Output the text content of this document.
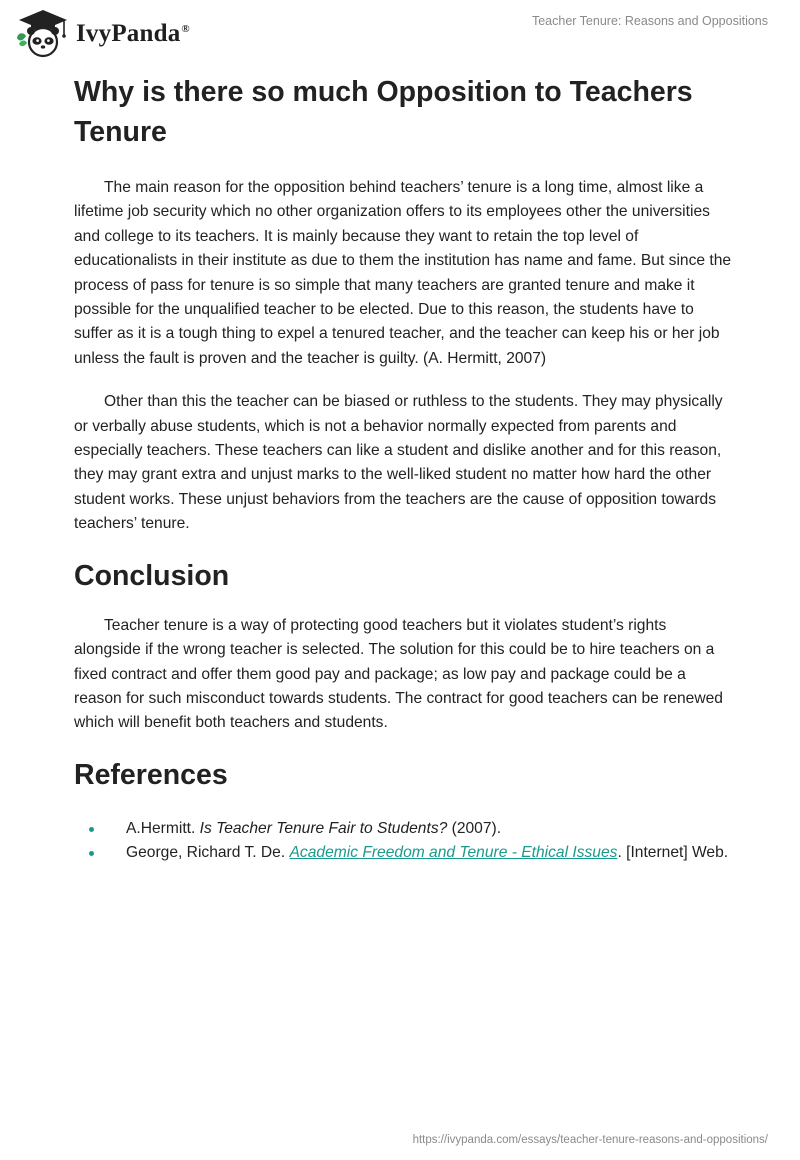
IvyPanda®
Teacher Tenure: Reasons and Oppositions
Why is there so much Opposition to Teachers Tenure

The main reason for the opposition behind teachers’ tenure is a long time, almost like a lifetime job security which no other organization offers to its employees other the universities and college to its teachers. It is mainly because they want to retain the top level of educationalists in their institute as due to them the institution has name and fame. But since the process of pass for tenure is so simple that many teachers are granted tenure and make it possible for the unqualified teacher to be elected. Due to this reason, the students have to suffer as it is a tough thing to expel a tenured teacher, and the teacher can keep his or her job unless the fault is proven and the teacher is guilty. (A. Hermitt, 2007)

Other than this the teacher can be biased or ruthless to the students. They may physically or verbally abuse students, which is not a behavior normally expected from parents and especially teachers. These teachers can like a student and dislike another and for this reason, they may grant extra and unjust marks to the well-liked student no matter how hard the other student works. These unjust behaviors from the teachers are the cause of opposition towards teachers’ tenure.

Conclusion

Teacher tenure is a way of protecting good teachers but it violates student’s rights alongside if the wrong teacher is selected. The solution for this could be to hire teachers on a fixed contract and offer them good pay and package; as low pay and package could be a reason for such misconduct towards students. The contract for good teachers can be renewed which will benefit both teachers and students.

References
A.Hermitt. Is Teacher Tenure Fair to Students? (2007).
George, Richard T. De. Academic Freedom and Tenure - Ethical Issues. [Internet] Web.
https://ivypanda.com/essays/teacher-tenure-reasons-and-oppositions/
